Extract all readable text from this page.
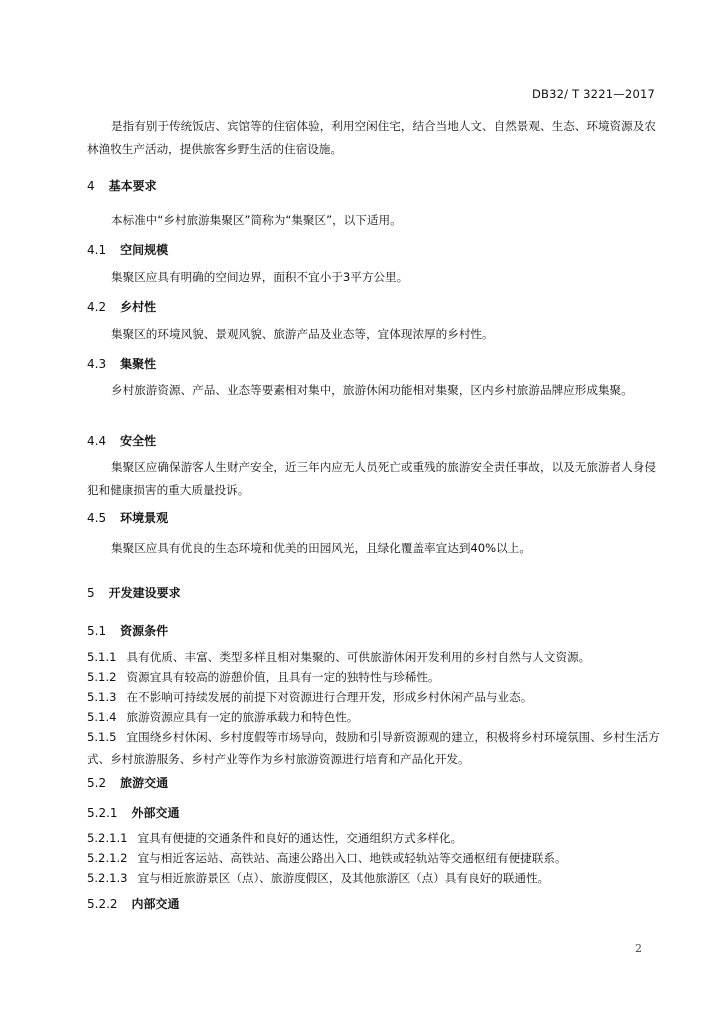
DB32/ T 3221—2017
是指有别于传统饭店、宾馆等的住宿体验，利用空闲住宅，结合当地人文、自然景观、生态、环境资源及农林渔牧生产活动，提供旅客乡野生活的住宿设施。
4 基本要求
本标准中“乡村旅游集聚区”简称为“集聚区”，以下适用。
4.1 空间规模
集聚区应具有明确的空间边界，面积不宜小于3平方公里。
4.2 乡村性
集聚区的环境风貌、景观风貌、旅游产品及业态等，宜体现浓厚的乡村性。
4.3 集聚性
乡村旅游资源、产品、业态等要素相对集中，旅游休闲功能相对集聚，区内乡村旅游品牌应形成集聚。
4.4 安全性
集聚区应确保游客人生财产安全，近三年内应无人员死亡或重残的旅游安全责任事故，以及无旅游者人身侵犯和健康损害的重大质量投诉。
4.5 环境景观
集聚区应具有优良的生态环境和优美的田园风光，且绿化覆盖率宜达到40%以上。
5 开发建设要求
5.1 资源条件
5.1.1 具有优质、丰富、类型多样且相对集聚的、可供旅游休闲开发利用的乡村自然与人文资源。
5.1.2 资源宜具有较高的游憩价值，且具有一定的独特性与珍稀性。
5.1.3 在不影响可持续发展的前提下对资源进行合理开发，形成乡村休闲产品与业态。
5.1.4 旅游资源应具有一定的旅游承载力和特色性。
5.1.5 宜围绕乡村休闲、乡村度假等市场导向，鼓励和引导新资源观的建立，积极将乡村环境氛围、乡村生活方式、乡村旅游服务、乡村产业等作为乡村旅游资源进行培育和产品化开发。
5.2 旅游交通
5.2.1 外部交通
5.2.1.1 宜具有便捷的交通条件和良好的通达性，交通组织方式多样化。
5.2.1.2 宜与相近客运站、高铁站、高速公路出入口、地铁或轻轨站等交通枢纽有便捷联系。
5.2.1.3 宜与相近旅游景区（点）、旅游度假区，及其他旅游区（点）具有良好的联通性。
5.2.2 内部交通
2
